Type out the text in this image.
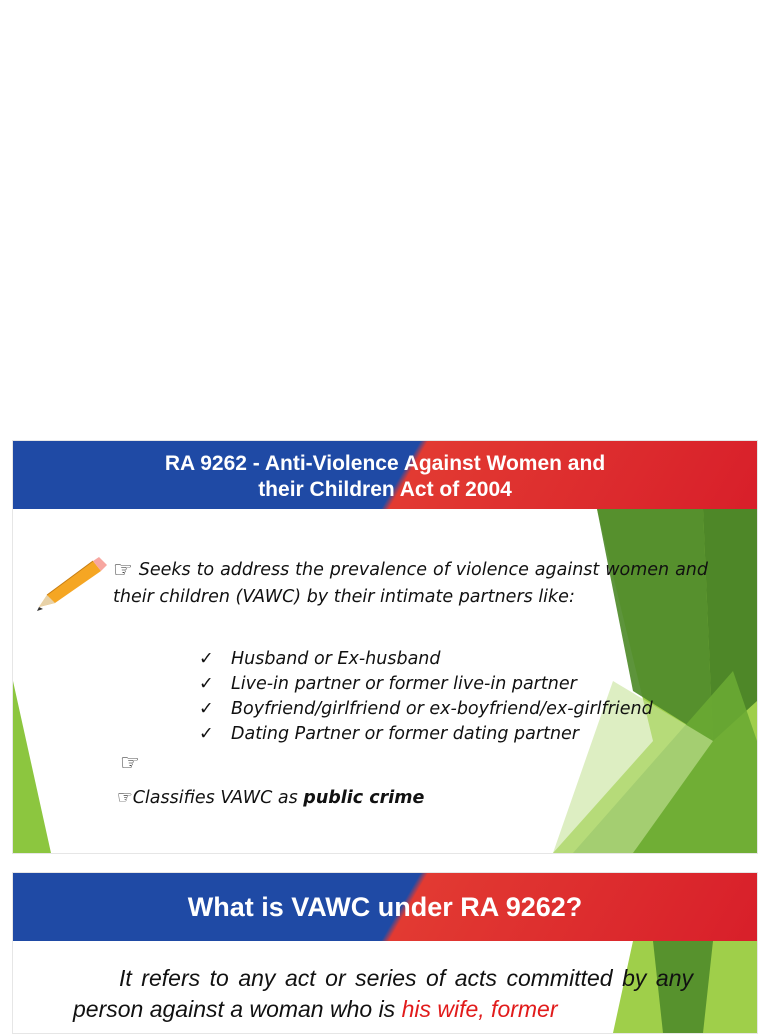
RA 9262 - Anti-Violence Against Women and
their Children Act of 2004
☞ Seeks to address the prevalence of violence against women and their children (VAWC) by their intimate partners like:
✓ Husband or Ex-husband
✓ Live-in partner or former live-in partner
✓ Boyfriend/girlfriend or ex-boyfriend/ex-girlfriend
✓ Dating Partner or former dating partner
☞
☞Classifies VAWC as public crime
What is VAWC under RA 9262?
It refers to any act or series of acts committed by any person against a woman who is his wife, former
